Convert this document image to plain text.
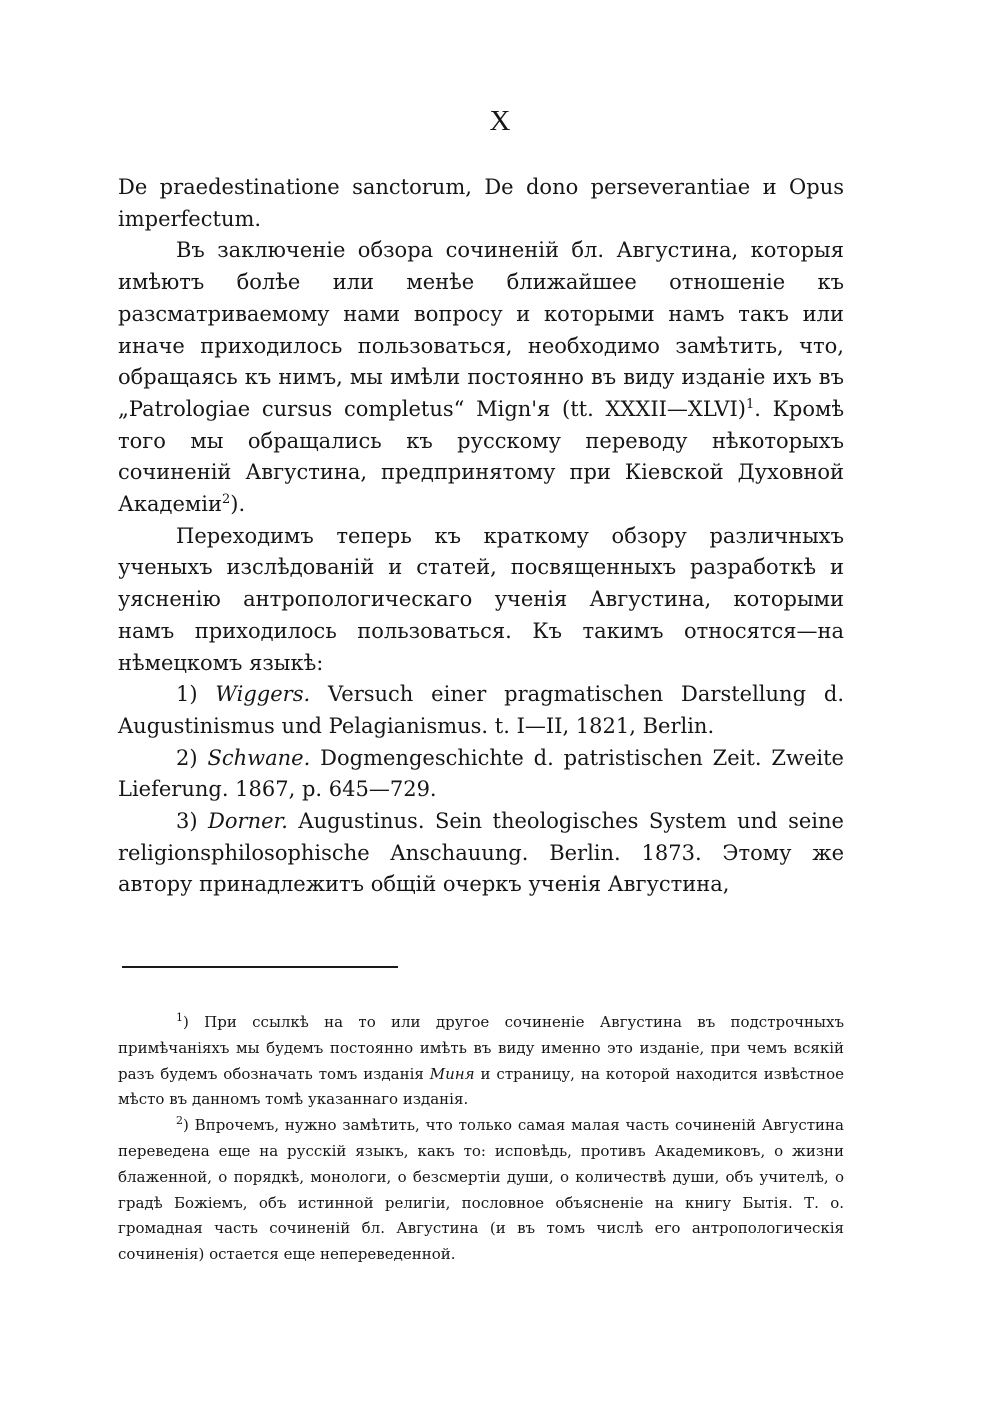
X

De praedestinatione sanctorum, De dono perseverantiae и Opus imperfectum.

Въ заключеніе обзора сочиненій бл. Августина, которыя имѣютъ болѣе или менѣе ближайшее отношеніе къ разсматриваемому нами вопросу и которыми намъ такъ или иначе приходилось пользоваться, необходимо замѣтить, что, обращаясь къ нимъ, мы имѣли постоянно въ виду изданіе ихъ въ „Patrologiae cursus completus“ Mign'я (tt. XXXII—XLVI)$^1$. Кромѣ того мы обращались къ русскому переводу нѣкоторыхъ сочиненій Августина, предпринятому при Кіевской Духовной Академіи$^2$).

Переходимъ теперь къ краткому обзору различныхъ ученыхъ изслѣдованій и статей, посвященныхъ разработкѣ и уясненію антропологическаго ученія Августина, которыми намъ приходилось пользоваться. Къ такимъ относятся—на нѣмецкомъ языкѣ:

1) Wiggers. Versuch einer pragmatischen Darstellung d. Augustinismus und Pelagianismus. t. I—II, 1821, Berlin.

2) Schwane. Dogmengeschichte d. patristischen Zeit. Zweite Lieferung. 1867, p. 645—729.

3) Dorner. Augustinus. Sein theologisches System und seine religionsphilosophische Anschauung. Berlin. 1873. Этому же автору принадлежитъ общій очеркъ ученія Августина,

$^1$) При ссылкѣ на то или другое сочиненіе Августина въ подстрочныхъ примѣчаніяхъ мы будемъ постоянно имѣть въ виду именно это изданіе, при чемъ всякій разъ будемъ обозначать томъ изданія Миня и страницу, на которой находится извѣстное мѣсто въ данномъ томѣ указаннаго изданія.

$^2$) Впрочемъ, нужно замѣтить, что только самая малая часть сочиненій Августина переведена еще на русскій языкъ, какъ то: исповѣдь, противъ Академиковъ, о жизни блаженной, о порядкѣ, монологи, о безсмертіи души, о количествѣ души, объ учителѣ, о градѣ Божіемъ, объ истинной религіи, пословное объясненіе на книгу Бытія. Т. о. громадная часть сочиненій бл. Августина (и въ томъ числѣ его антропологическія сочиненія) остается еще непереведенной.
